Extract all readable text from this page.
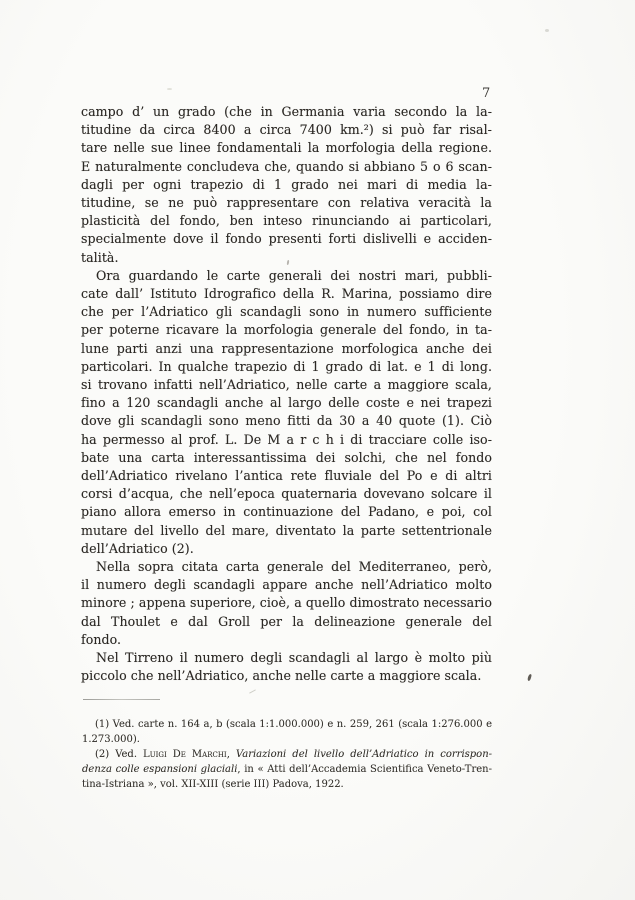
7
campo d’ un grado (che in Germania varia secondo la la-
titudine da circa 8400 a circa 7400 km.²) si può far risal-
tare nelle sue linee fondamentali la morfologia della regione.
E naturalmente concludeva che, quando si abbiano 5 o 6 scan-
dagli per ogni trapezio di 1 grado nei mari di media la-
titudine, se ne può rappresentare con relativa veracità la
plasticità del fondo, ben inteso rinunciando ai particolari,
specialmente dove il fondo presenti forti dislivelli e acciden-
talità.
Ora guardando le carte generali dei nostri mari, pubbli-
cate dall’ Istituto Idrografico della R. Marina, possiamo dire
che per l’Adriatico gli scandagli sono in numero sufficiente
per poterne ricavare la morfologia generale del fondo, in ta-
lune parti anzi una rappresentazione morfologica anche dei
particolari. In qualche trapezio di 1 grado di lat. e 1 di long.
si trovano infatti nell’Adriatico, nelle carte a maggiore scala,
fino a 120 scandagli anche al largo delle coste e nei trapezi
dove gli scandagli sono meno fitti da 30 a 40 quote (1). Ciò
ha permesso al prof. L. De M a r c h i di tracciare colle iso-
bate una carta interessantissima dei solchi, che nel fondo
dell’Adriatico rivelano l’antica rete fluviale del Po e di altri
corsi d’acqua, che nell’epoca quaternaria dovevano solcare il
piano allora emerso in continuazione del Padano, e poi, col
mutare del livello del mare, diventato la parte settentrionale
dell’Adriatico (2).
Nella sopra citata carta generale del Mediterraneo, però,
il numero degli scandagli appare anche nell’Adriatico molto
minore ; appena superiore, cioè, a quello dimostrato necessario
dal Thoulet e dal Groll per la delineazione generale del
fondo.
Nel Tirreno il numero degli scandagli al largo è molto più
piccolo che nell’Adriatico, anche nelle carte a maggiore scala.
(1) Ved. carte n. 164 a, b (scala 1:1.000.000) e n. 259, 261 (scala 1:276.000 e
1.273.000).
(2) Ved. Luigi De Marchi, Variazioni del livello dell’Adriatico in corrispon-
denza colle espansioni glaciali, in « Atti dell’Accademia Scientifica Veneto-Tren-
tina-Istriana », vol. XII-XIII (serie III) Padova, 1922.
